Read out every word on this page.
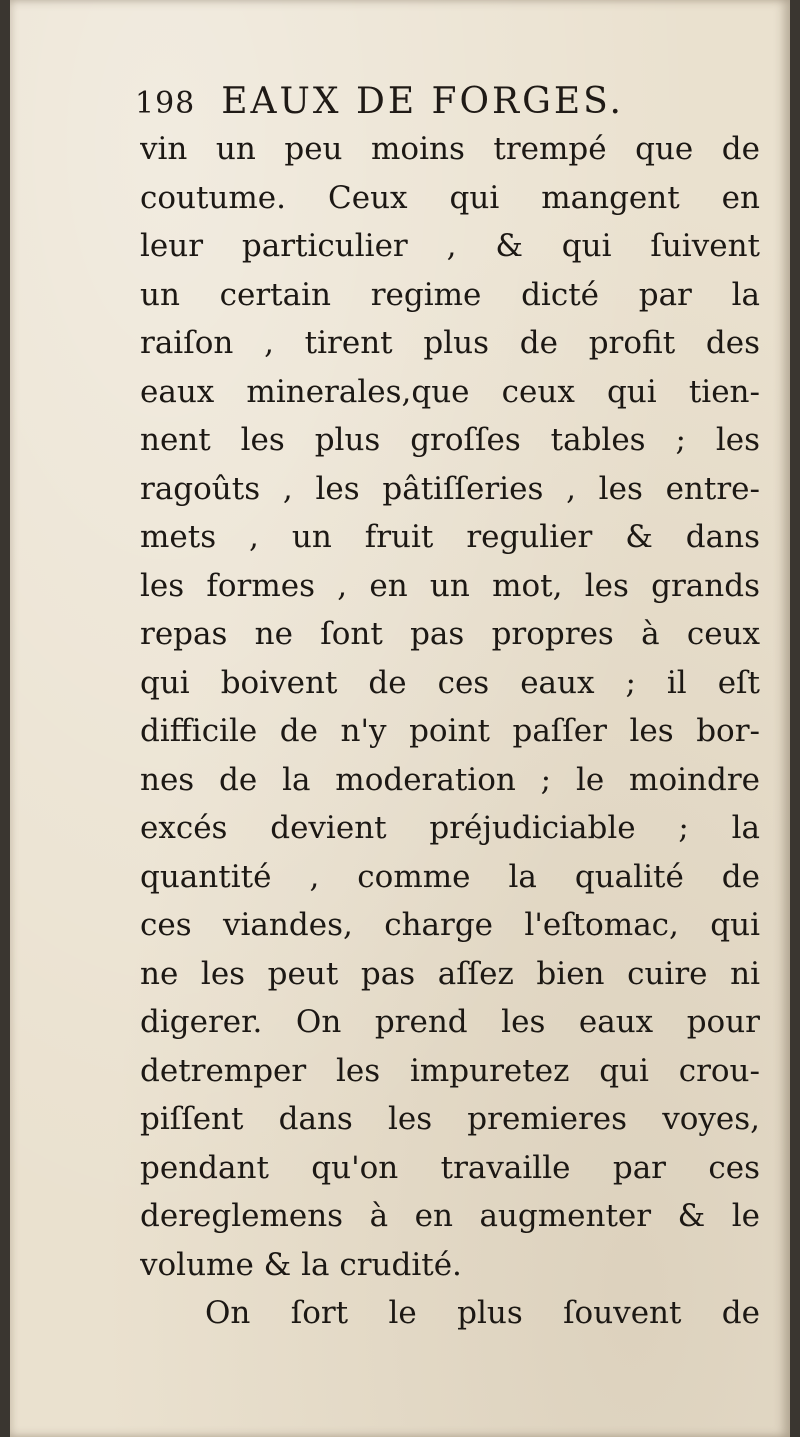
198 EAUX DE FORGES.
vin un peu moins trempé que de
coutume. Ceux qui mangent en
leur particulier , & qui ſuivent
un certain regime dicté par la
raiſon , tirent plus de profit des
eaux minerales,que ceux qui tien-
nent les plus groſſes tables ; les
ragoûts , les pâtiſſeries , les entre-
mets , un fruit regulier & dans
les formes , en un mot, les grands
repas ne ſont pas propres à ceux
qui boivent de ces eaux ; il eſt
difficile de n'y point paſſer les bor-
nes de la moderation ; le moindre
excés devient préjudiciable ; la
quantité , comme la qualité de
ces viandes, charge l'eſtomac, qui
ne les peut pas aſſez bien cuire ni
digerer. On prend les eaux pour
detremper les impuretez qui crou-
piſſent dans les premieres voyes,
pendant qu'on travaille par ces
dereglemens à en augmenter & le
volume & la crudité.
On ſort le plus ſouvent de
